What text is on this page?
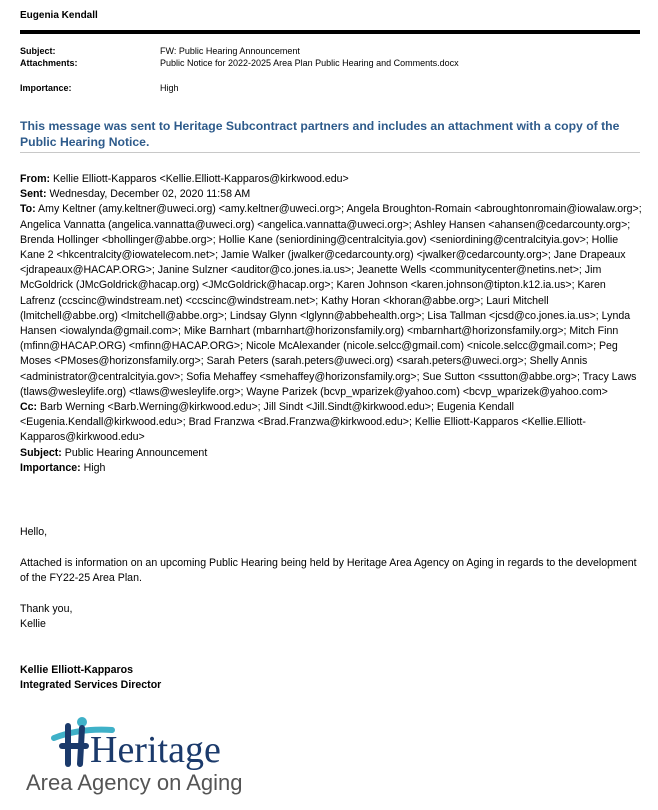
Eugenia Kendall
Subject:	FW: Public Hearing Announcement
Attachments:	Public Notice for 2022-2025 Area Plan Public Hearing and Comments.docx
Importance:	High
This message was sent to Heritage Subcontract partners and includes an attachment with a copy of the Public Hearing Notice.
From: Kellie Elliott-Kapparos <Kellie.Elliott-Kapparos@kirkwood.edu>
Sent: Wednesday, December 02, 2020 11:58 AM
To: Amy Keltner (amy.keltner@uweci.org) <amy.keltner@uweci.org>; Angela Broughton-Romain <abroughtonromain@iowalaw.org>; Angelica Vannatta (angelica.vannatta@uweci.org) <angelica.vannatta@uweci.org>; Ashley Hansen <ahansen@cedarcounty.org>; Brenda Hollinger <bhollinger@abbe.org>; Hollie Kane (seniordining@centralcityia.gov) <seniordining@centralcityia.gov>; Hollie Kane 2 <hkcentralcity@iowatelecom.net>; Jamie Walker (jwalker@cedarcounty.org) <jwalker@cedarcounty.org>; Jane Drapeaux <jdrapeaux@HACAP.ORG>; Janine Sulzner <auditor@co.jones.ia.us>; Jeanette Wells <communitycenter@netins.net>; Jim McGoldrick (JMcGoldrick@hacap.org) <JMcGoldrick@hacap.org>; Karen Johnson <karen.johnson@tipton.k12.ia.us>; Karen Lafrenz (ccscinc@windstream.net) <ccscinc@windstream.net>; Kathy Horan <khoran@abbe.org>; Lauri Mitchell (lmitchell@abbe.org) <lmitchell@abbe.org>; Lindsay Glynn <lglynn@abbehealth.org>; Lisa Tallman <jcsd@co.jones.ia.us>; Lynda Hansen <iowalynda@gmail.com>; Mike Barnhart (mbarnhart@horizonsfamily.org) <mbarnhart@horizonsfamily.org>; Mitch Finn (mfinn@HACAP.ORG) <mfinn@HACAP.ORG>; Nicole McAlexander (nicole.selcc@gmail.com) <nicole.selcc@gmail.com>; Peg Moses <PMoses@horizonsfamily.org>; Sarah Peters (sarah.peters@uweci.org) <sarah.peters@uweci.org>; Shelly Annis <administrator@centralcityia.gov>; Sofia Mehaffey <smehaffey@horizonsfamily.org>; Sue Sutton <ssutton@abbe.org>; Tracy Laws (tlaws@wesleylife.org) <tlaws@wesleylife.org>; Wayne Parizek (bcvp_wparizek@yahoo.com) <bcvp_wparizek@yahoo.com>
Cc: Barb Werning <Barb.Werning@kirkwood.edu>; Jill Sindt <Jill.Sindt@kirkwood.edu>; Eugenia Kendall <Eugenia.Kendall@kirkwood.edu>; Brad Franzwa <Brad.Franzwa@kirkwood.edu>; Kellie Elliott-Kapparos <Kellie.Elliott-Kapparos@kirkwood.edu>
Subject: Public Hearing Announcement
Importance: High
Hello,
Attached is information on an upcoming Public Hearing being held by Heritage Area Agency on Aging in regards to the development of the FY22-25 Area Plan.
Thank you,
Kellie
Kellie Elliott-Kapparos
Integrated Services Director
Heritage
Area Agency on Aging
